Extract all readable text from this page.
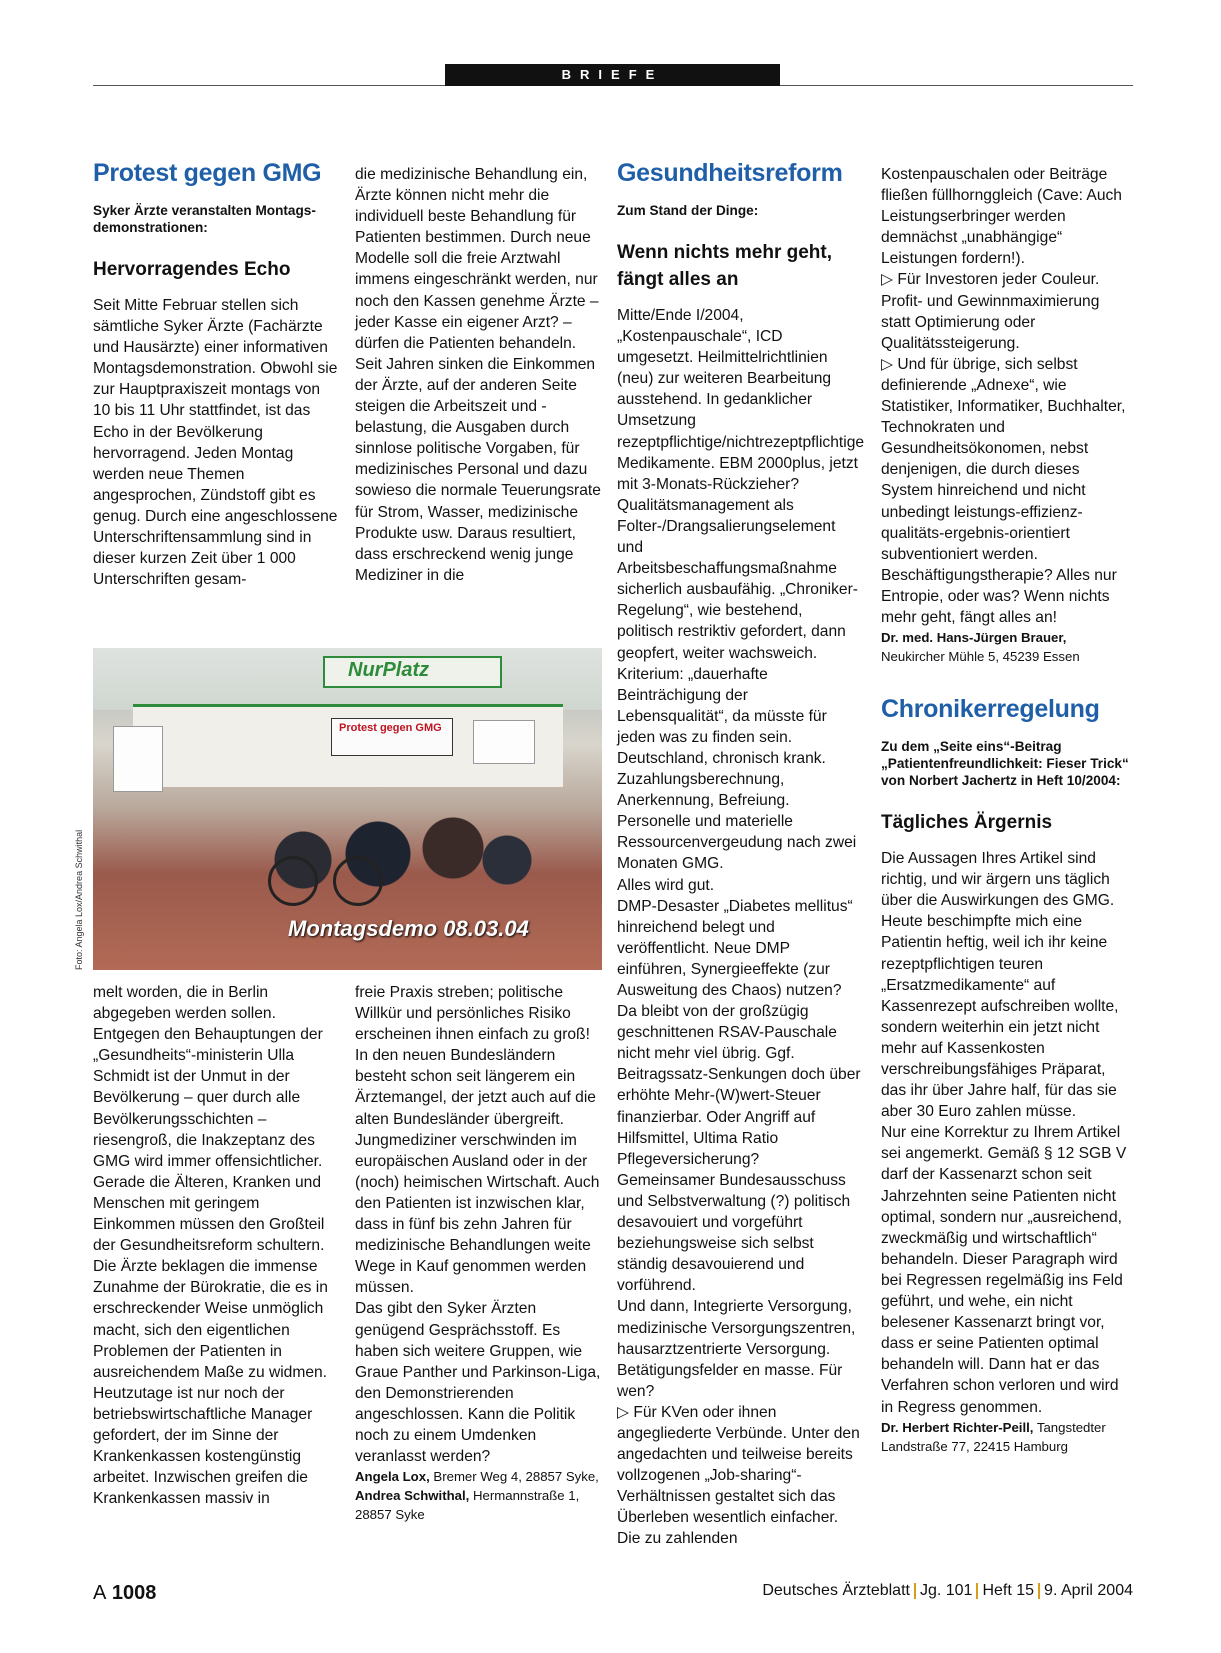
BRIEFE
Protest gegen GMG
Syker Ärzte veranstalten Montags-demonstrationen:
Hervorragendes Echo

Seit Mitte Februar stellen sich sämtliche Syker Ärzte (Fachärzte und Hausärzte) einer informativen Montagsdemonstration. Obwohl sie zur Hauptpraxiszeit montags von 10 bis 11 Uhr stattfindet, ist das Echo in der Bevölkerung hervorragend. Jeden Montag werden neue Themen angesprochen, Zündstoff gibt es genug. Durch eine angeschlossene Unterschriftensammlung sind in dieser kurzen Zeit über 1 000 Unterschriften gesam-

die medizinische Behandlung ein, Ärzte können nicht mehr die individuell beste Behandlung für Patienten bestimmen. Durch neue Modelle soll die freie Arztwahl immens eingeschränkt werden, nur noch den Kassen genehme Ärzte – jeder Kasse ein eigener Arzt? – dürfen die Patienten behandeln. Seit Jahren sinken die Einkommen der Ärzte, auf der anderen Seite steigen die Arbeitszeit und -belastung, die Ausgaben durch sinnlose politische Vorgaben, für medizinisches Personal und dazu sowieso die normale Teuerungsrate für Strom, Wasser, medizinische Produkte usw. Daraus resultiert, dass erschreckend wenig junge Mediziner in die

Foto: Angela Lox/Andrea Schwithal
NurPlatz
Protest gegen GMG
Montagsdemo 08.03.04

melt worden, die in Berlin abgegeben werden sollen. Entgegen den Behauptungen der „Gesundheits“-ministerin Ulla Schmidt ist der Unmut in der Bevölkerung – quer durch alle Bevölkerungsschichten – riesengroß, die Inakzeptanz des GMG wird immer offensichtlicher. Gerade die Älteren, Kranken und Menschen mit geringem Einkommen müssen den Großteil der Gesundheitsreform schultern.

Die Ärzte beklagen die immense Zunahme der Bürokratie, die es in erschreckender Weise unmöglich macht, sich den eigentlichen Problemen der Patienten in ausreichendem Maße zu widmen. Heutzutage ist nur noch der betriebswirtschaftliche Manager gefordert, der im Sinne der Krankenkassen kostengünstig arbeitet. Inzwischen greifen die Krankenkassen massiv in

freie Praxis streben; politische Willkür und persönliches Risiko erscheinen ihnen einfach zu groß! In den neuen Bundesländern besteht schon seit längerem ein Ärztemangel, der jetzt auch auf die alten Bundesländer übergreift. Jungmediziner verschwinden im europäischen Ausland oder in der (noch) heimischen Wirtschaft. Auch den Patienten ist inzwischen klar, dass in fünf bis zehn Jahren für medizinische Behandlungen weite Wege in Kauf genommen werden müssen.

Das gibt den Syker Ärzten genügend Gesprächsstoff. Es haben sich weitere Gruppen, wie Graue Panther und Parkinson-Liga, den Demonstrierenden angeschlossen. Kann die Politik noch zu einem Umdenken veranlasst werden?

Angela Lox, Bremer Weg 4, 28857 Syke, Andrea Schwithal, Hermannstraße 1, 28857 Syke
Gesundheitsreform
Zum Stand der Dinge:
Wenn nichts mehr geht, fängt alles an

Mitte/Ende I/2004, „Kostenpauschale“, ICD umgesetzt. Heilmittelrichtlinien (neu) zur weiteren Bearbeitung ausstehend. In gedanklicher Umsetzung rezeptpflichtige/nichtrezeptpflichtige Medikamente. EBM 2000plus, jetzt mit 3-Monats-Rückzieher? Qualitätsmanagement als Folter-/Drangsalierungselement und Arbeitsbeschaffungsmaßnahme sicherlich ausbaufähig. „Chroniker-Regelung“, wie bestehend, politisch restriktiv gefordert, dann geopfert, weiter wachsweich. Kriterium: „dauerhafte Beinträchigung der Lebensqualität“, da müsste für jeden was zu finden sein. Deutschland, chronisch krank. Zuzahlungsberechnung, Anerkennung, Befreiung. Personelle und materielle Ressourcenvergeudung nach zwei Monaten GMG.

Alles wird gut.

DMP-Desaster „Diabetes mellitus“ hinreichend belegt und veröffentlicht. Neue DMP einführen, Synergieeffekte (zur Ausweitung des Chaos) nutzen? Da bleibt von der großzügig geschnittenen RSAV-Pauschale nicht mehr viel übrig. Ggf. Beitragssatz-Senkungen doch über erhöhte Mehr-(W)wert-Steuer finanzierbar. Oder Angriff auf Hilfsmittel, Ultima Ratio Pflegeversicherung?

Gemeinsamer Bundesausschuss und Selbstverwaltung (?) politisch desavouiert und vorgeführt beziehungsweise sich selbst ständig desavouierend und vorführend.

Und dann, Integrierte Versorgung, medizinische Versorgungszentren, hausarztzentrierte Versorgung. Betätigungsfelder en masse. Für wen?

▷ Für KVen oder ihnen angegliederte Verbünde. Unter den angedachten und teilweise bereits vollzogenen „Job-sharing“-Verhältnissen gestaltet sich das Überleben wesentlich einfacher. Die zu zahlenden

Kostenpauschalen oder Beiträge fließen füllhornggleich (Cave: Auch Leistungserbringer werden demnächst „unabhängige“ Leistungen fordern!).

▷ Für Investoren jeder Couleur. Profit- und Gewinnmaximierung statt Optimierung oder Qualitätssteigerung.

▷ Und für übrige, sich selbst definierende „Adnexe“, wie Statistiker, Informatiker, Buchhalter, Technokraten und Gesundheitsökonomen, nebst denjenigen, die durch dieses System hinreichend und nicht unbedingt leistungs-effizienz-qualitäts-ergebnis-orientiert subventioniert werden.

Beschäftigungstherapie? Alles nur Entropie, oder was? Wenn nichts mehr geht, fängt alles an!

Dr. med. Hans-Jürgen Brauer,
Neukircher Mühle 5, 45239 Essen
Chronikerregelung
Zu dem „Seite eins“-Beitrag „Patientenfreundlichkeit: Fieser Trick“ von Norbert Jachertz in Heft 10/2004:
Tägliches Ärgernis

Die Aussagen Ihres Artikel sind richtig, und wir ärgern uns täglich über die Auswirkungen des GMG. Heute beschimpfte mich eine Patientin heftig, weil ich ihr keine rezeptpflichtigen teuren „Ersatzmedikamente“ auf Kassenrezept aufschreiben wollte, sondern weiterhin ein jetzt nicht mehr auf Kassenkosten verschreibungsfähiges Präparat, das ihr über Jahre half, für das sie aber 30 Euro zahlen müsse.

Nur eine Korrektur zu Ihrem Artikel sei angemerkt. Gemäß § 12 SGB V darf der Kassenarzt schon seit Jahrzehnten seine Patienten nicht optimal, sondern nur „ausreichend, zweckmäßig und wirtschaftlich“ behandeln. Dieser Paragraph wird bei Regressen regelmäßig ins Feld geführt, und wehe, ein nicht belesener Kassenarzt bringt vor, dass er seine Patienten optimal behandeln will. Dann hat er das Verfahren schon verloren und wird in Regress genommen.

Dr. Herbert Richter-Peill, Tangstedter Landstraße 77, 22415 Hamburg
A 1008	Deutsches Ärzteblatt Jg. 101 Heft 15 9. April 2004
